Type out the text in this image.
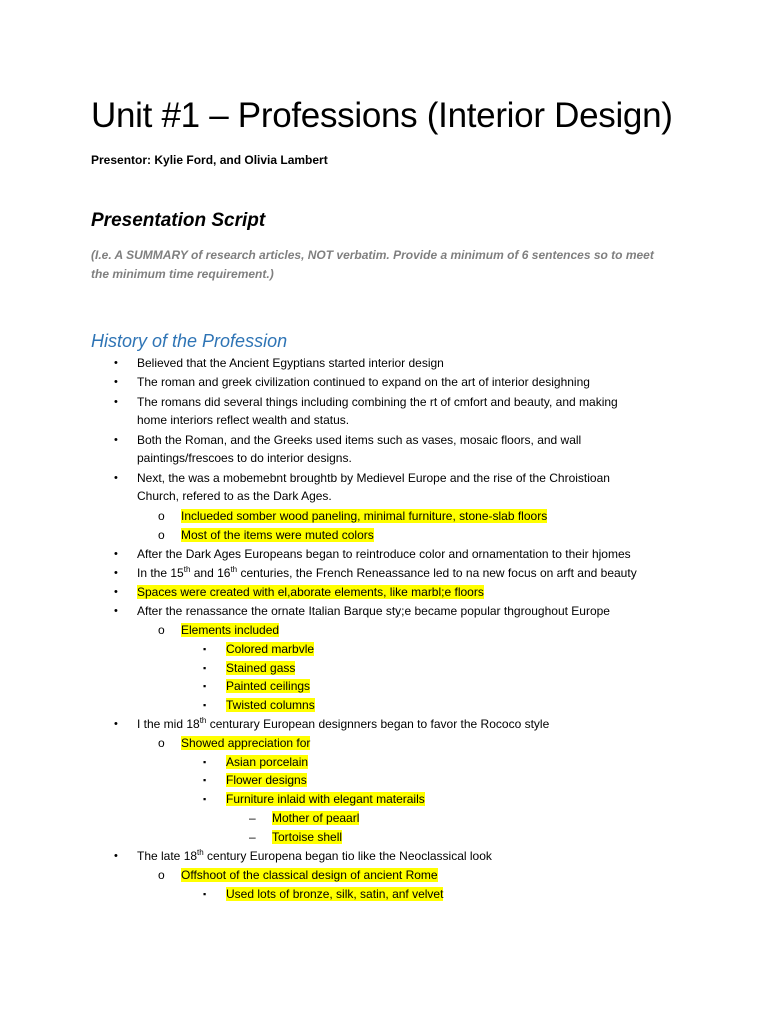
Unit #1 – Professions (Interior Design)
Presentor: Kylie Ford, and Olivia Lambert
Presentation Script
(I.e. A SUMMARY of research articles, NOT verbatim. Provide a minimum of 6 sentences so to meet
the minimum time requirement.)
History of the Profession
• Believed that the Ancient Egyptians started interior design
• The roman and greek civilization continued to expand on the art of interior desighning
• The romans did several things including combining the rt of cmfort and beauty, and making
home interiors reflect wealth and status.
• Both the Roman, and the Greeks used items such as vases, mosaic floors, and wall
paintings/frescoes to do interior designs.
• Next, the was a mobemebnt broughtb by Medievel Europe and the rise of the Chroistioan
Church, refered to as the Dark Ages.
o Inclueded somber wood paneling, minimal furniture, stone-slab floors
o Most of the items were muted colors
• After the Dark Ages Europeans began to reintroduce color and ornamentation to their hjomes
• In the 15th and 16th centuries, the French Reneassance led to na new focus on arft and beauty
• Spaces were created with el,aborate elements, like marbl;e floors
• After the renassance the ornate Italian Barque sty;e became popular thgroughout Europe
o Elements included
▪ Colored marbvle
▪ Stained gass
▪ Painted ceilings
▪ Twisted columns
• I the mid 18th centurary European designners began to favor the Rococo style
o Showed appreciation for
▪ Asian porcelain
▪ Flower designs
▪ Furniture inlaid with elegant materails
– Mother of peaarl
– Tortoise shell
• The late 18th century Europena began tio like the Neoclassical look
o Offshoot of the classical design of ancient Rome
▪ Used lots of bronze, silk, satin, anf velvet
